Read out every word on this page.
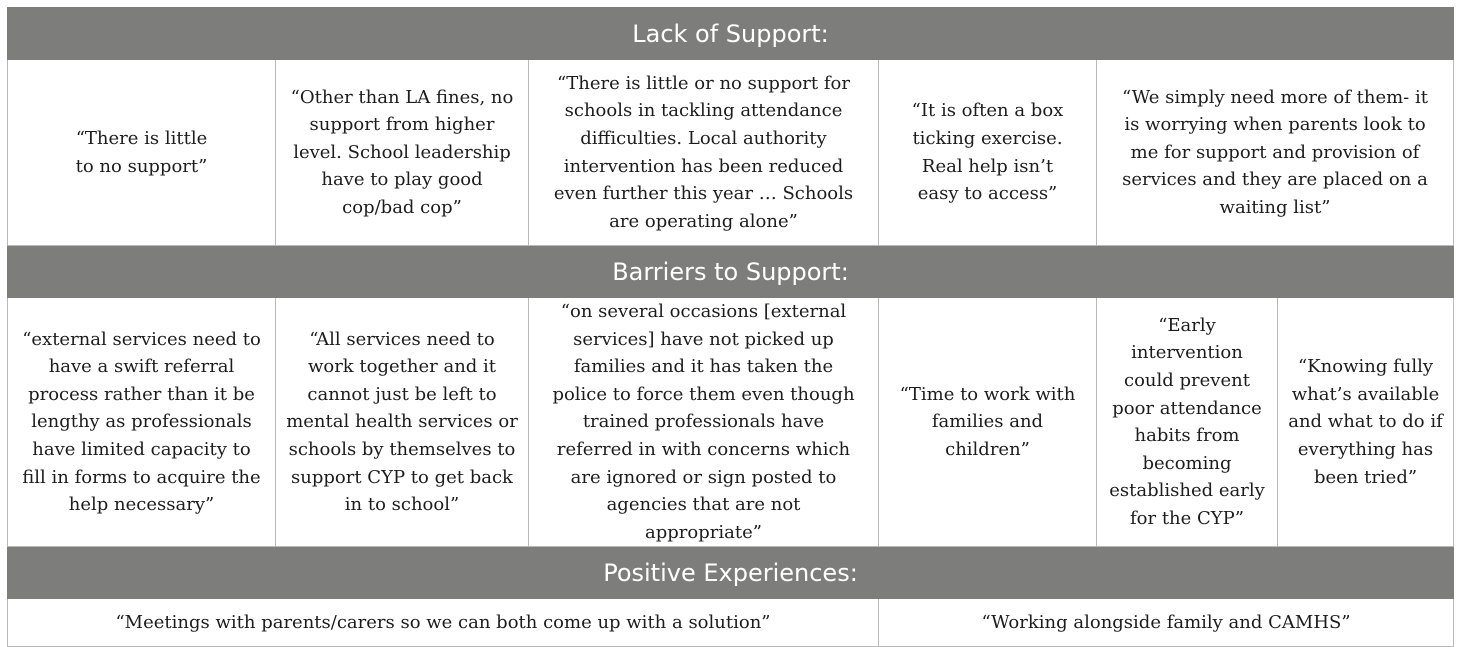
Lack of Support:					
“There is little to no support”	“Other than LA fines, no support from higher level. School leadership have to play good cop/bad cop”	“There is little or no support for schools in tackling attendance difficulties. Local authority intervention has been reduced even further this year … Schools are operating alone”	“It is often a box ticking exercise. Real help isn’t easy to access”	“We simply need more of them- it is worrying when parents look to me for support and provision of services and they are placed on a waiting list”	
Barriers to Support:					
“external services need to have a swift referral process rather than it be lengthy as professionals have limited capacity to fill in forms to acquire the help necessary”	“All services need to work together and it cannot just be left to mental health services or schools by themselves to support CYP to get back in to school”	“on several occasions [external services] have not picked up families and it has taken the police to force them even though trained professionals have referred in with concerns which are ignored or sign posted to agencies that are not appropriate”	“Time to work with families and children”	“Early intervention could prevent poor attendance habits from becoming established early for the CYP”	“Knowing fully what’s available and what to do if everything has been tried”
Positive Experiences:					
“Meetings with parents/carers so we can both come up with a solution”			“Working alongside family and CAMHS”		
